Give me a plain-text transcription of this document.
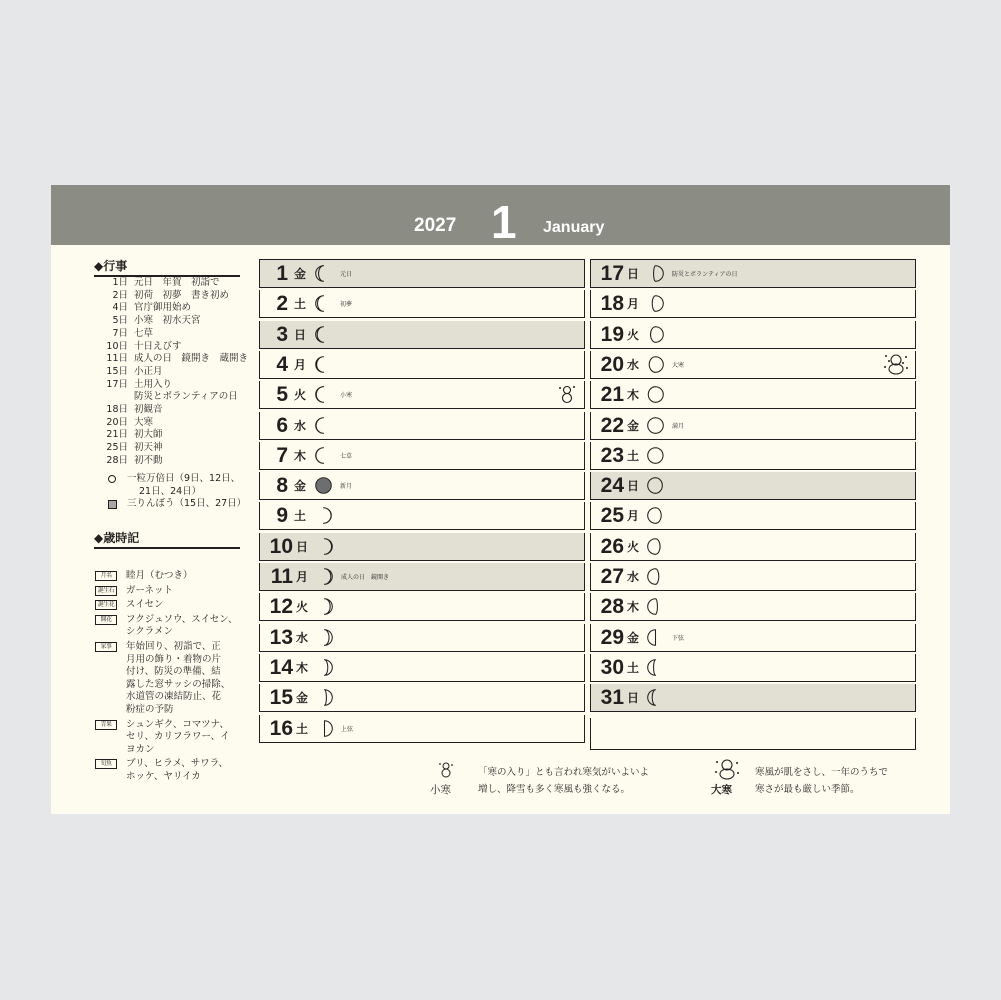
2027 1 January
◆行事
1日 元日　年賀　初詣で
2日 初荷　初夢　書き初め
4日 官庁御用始め
5日 小寒　初水天宮
7日 七草
10日 十日えびす
11日 成人の日　鏡開き　蔵開き
15日 小正月
17日 土用入り
防災とボランティアの日
18日 初観音
20日 大寒
21日 初大師
25日 初天神
28日 初不動
一粒万倍日（9日、12日、
21日、24日）
三りんぼう（15日、27日）
◆歳時記
月名	睦月（むつき）
誕生石 ガーネット
誕生花 スイセン
開花	フクジュソウ、スイセン、
シクラメン
家事	年始回り、初詣で、正
月用の飾り・着物の片
付け、防災の準備、結
露した窓サッシの掃除、
水道管の凍結防止、花
粉症の予防
青果	シュンギク、コマツナ、
セリ、カリフラワー、イ
ヨカン
旬魚	ブリ、ヒラメ、サワラ、
ホッケ、ヤリイカ
1 金	元日
2 土	初夢
3 日
4 月
5 火	小寒
6 水
7 木	七草
8 金	新月
9 土
10 日
11 月	成人の日　鏡開き
12 火
13 水
14 木
15 金
16 土	上弦
17 日	防災とボランティアの日
18 月
19 火
20 水	大寒
21 木
22 金	満月
23 土
24 日
25 月
26 火
27 水
28 木
29 金	下弦
30 土
31 日
小寒
「寒の入り」とも言われ寒気がいよいよ
増し、降雪も多く寒風も強くなる。	大寒
寒風が肌をさし、一年のうちで
寒さが最も厳しい季節。
